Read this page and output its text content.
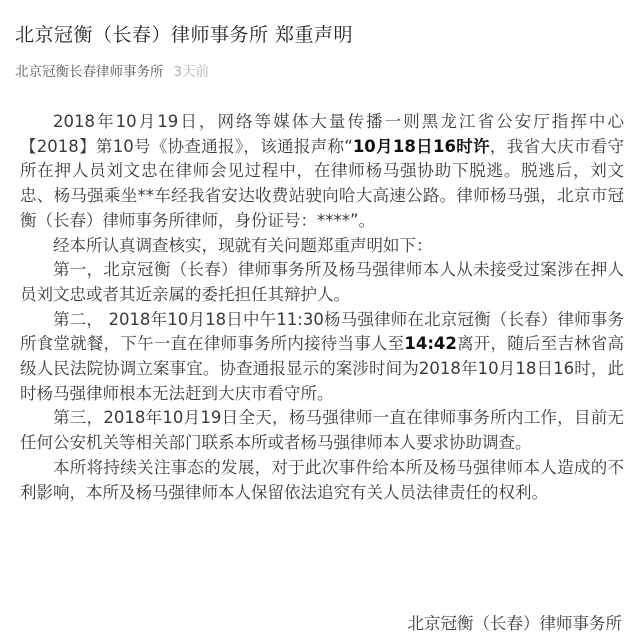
北京冠衡（长春）律师事务所 郑重声明
北京冠衡长春律师事务所 3天前

2018年10月19日，网络等媒体大量传播一则黑龙江省公安厅指挥中心【2018】第10号《协查通报》，该通报声称“10月18日16时许，我省大庆市看守所在押人员刘文忠在律师会见过程中，在律师杨马强协助下脱逃。脱逃后，刘文忠、杨马强乘坐**车经我省安达收费站驶向哈大高速公路。律师杨马强，北京市冠衡（长春）律师事务所律师，身份证号：****”。

经本所认真调查核实，现就有关问题郑重声明如下：

第一，北京冠衡（长春）律师事务所及杨马强律师本人从未接受过案涉在押人员刘文忠或者其近亲属的委托担任其辩护人。

第二， 2018年10月18日中午11:30杨马强律师在北京冠衡（长春）律师事务所食堂就餐，下午一直在律师事务所内接待当事人至14:42离开，随后至吉林省高级人民法院协调立案事宜。协查通报显示的案涉时间为2018年10月18日16时，此时杨马强律师根本无法赶到大庆市看守所。

第三，2018年10月19日全天，杨马强律师一直在律师事务所内工作，目前无任何公安机关等相关部门联系本所或者杨马强律师本人要求协助调查。

本所将持续关注事态的发展，对于此次事件给本所及杨马强律师本人造成的不利影响，本所及杨马强律师本人保留依法追究有关人员法律责任的权利。

北京冠衡（长春）律师事务所
